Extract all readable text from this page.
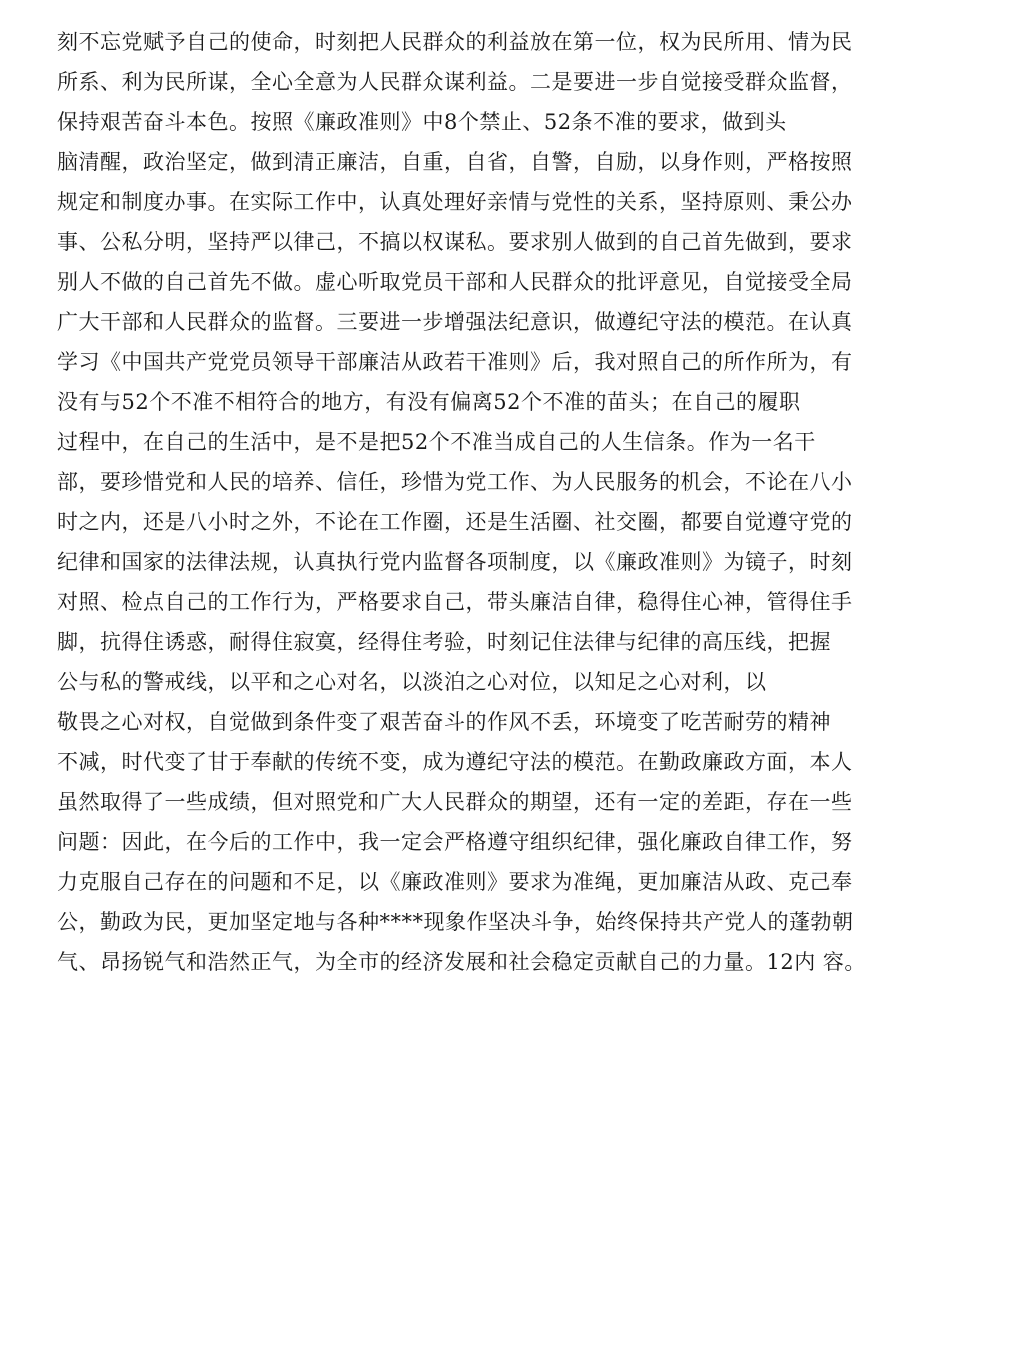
刻不忘党赋予自己的使命，时刻把人民群众的利益放在第一位，权为民所用、情为民
所系、利为民所谋，全心全意为人民群众谋利益。二是要进一步自觉接受群众监督，
保持艰苦奋斗本色。按照《廉政准则》中8个禁止、52条不准的要求，做到头
脑清醒，政治坚定，做到清正廉洁，自重，自省，自警，自励，以身作则，严格按照
规定和制度办事。在实际工作中，认真处理好亲情与党性的关系，坚持原则、秉公办
事、公私分明，坚持严以律己，不搞以权谋私。要求别人做到的自己首先做到，要求
别人不做的自己首先不做。虚心听取党员干部和人民群众的批评意见，自觉接受全局
广大干部和人民群众的监督。三要进一步增强法纪意识，做遵纪守法的模范。在认真
学习《中国共产党党员领导干部廉洁从政若干准则》后，我对照自己的所作所为，有
没有与52个不准不相符合的地方，有没有偏离52个不准的苗头；在自己的履职
过程中，在自己的生活中，是不是把52个不准当成自己的人生信条。作为一名干
部，要珍惜党和人民的培养、信任，珍惜为党工作、为人民服务的机会，不论在八小
时之内，还是八小时之外，不论在工作圈，还是生活圈、社交圈，都要自觉遵守党的
纪律和国家的法律法规，认真执行党内监督各项制度，以《廉政准则》为镜子，时刻
对照、检点自己的工作行为，严格要求自己，带头廉洁自律，稳得住心神，管得住手
脚，抗得住诱惑，耐得住寂寞，经得住考验，时刻记住法律与纪律的高压线，把握
公与私的警戒线，以平和之心对名，以淡泊之心对位，以知足之心对利，以
敬畏之心对权，自觉做到条件变了艰苦奋斗的作风不丢，环境变了吃苦耐劳的精神
不减，时代变了甘于奉献的传统不变，成为遵纪守法的模范。在勤政廉政方面，本人
虽然取得了一些成绩，但对照党和广大人民群众的期望，还有一定的差距，存在一些
问题：因此，在今后的工作中，我一定会严格遵守组织纪律，强化廉政自律工作，努
力克服自己存在的问题和不足，以《廉政准则》要求为准绳，更加廉洁从政、克己奉
公，勤政为民，更加坚定地与各种****现象作坚决斗争，始终保持共产党人的蓬勃朝
气、昂扬锐气和浩然正气，为全市的经济发展和社会稳定贡献自己的力量。12内 容。
